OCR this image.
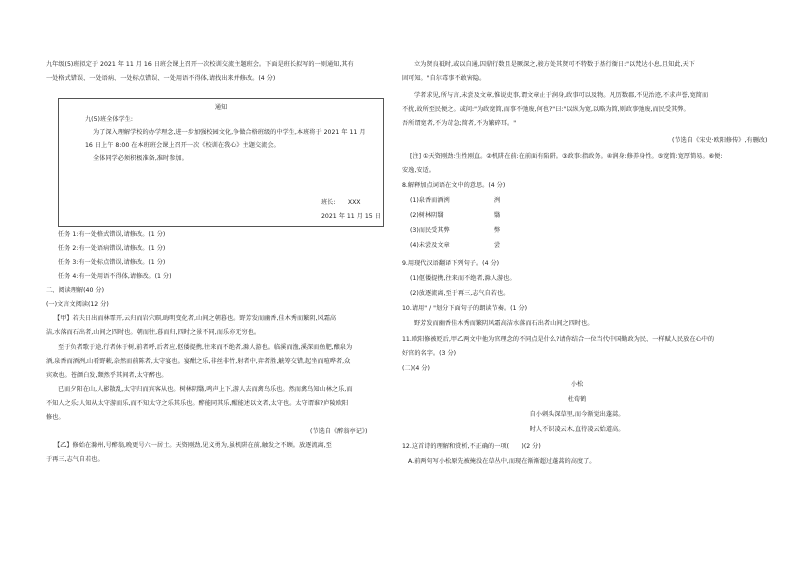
九年级(5)班拟定于 2021 年 11 月 16 日班会课上召开一次校训交流主题班会。下面是班长拟写的一则通知,其有
一处格式错误、一处语病、一处标点错误、一处用语不得体,请找出来并修改。(4 分)
通知
九(5)班全体学生:
为了深入理解学校的办学理念,进一步加强校园文化,争做合格班级的中学生,本班将于 2021 年 11 月
16 日上午 8:00 在本班班会课上召开一次《校训在我心》主题交流会。
全体同学必须积极准备,准时参加。
班长:　　XXX
2021 年 11 月 15 日
任务 1:有一处格式错误,请修改。(1 分)
任务 2:有一处语病错误,请修改。(1 分)
任务 3:有一处标点错误,请修改。(1 分)
任务 4:有一处用语不得体,请修改。(1 分)
二、阅读理解(40 分)
(一)文言文阅读(12 分)
【甲】若夫日出而林霏开,云归而岩穴暝,晦明变化者,山间之朝暮也。野芳发而幽香,佳木秀而繁阴,风霜高
洁,水落而石出者,山间之四时也。朝而往,暮而归,四时之景不同,而乐亦无穷也。
至于负者歌于途,行者休于树,前者呼,后者应,伛偻提携,往来而不绝者,滁人游也。临溪而渔,溪深而鱼肥,酿泉为
酒,泉香而酒洌,山肴野蔌,杂然而前陈者,太守宴也。宴酣之乐,非丝非竹,射者中,弈者胜,觥筹交错,起坐而喧哗者,众
宾欢也。苍颜白发,颓然乎其间者,太守醉也。
已而夕阳在山,人影散乱,太守归而宾客从也。树林阴翳,鸣声上下,游人去而禽鸟乐也。然而禽鸟知山林之乐,而
不知人之乐;人知从太守游而乐,而不知太守之乐其乐也。醉能同其乐,醒能述以文者,太守也。太守谓谁?庐陵欧阳
修也。
(节选自《醉翁亭记》)
【乙】修始在滁州,号醉翁,晚更号六一居士。天资刚劲,见义勇为,虽机阱在前,触发之不顾。放逐流离,至
于再三,志气自若也。
立为贤良祗时,或以自通,囚鼎行数且是厥深之,骏方处其贤可不特数于基行衙日:"以梵达小息,且知此,天下
固可知。"自尔毒事不敢害隐。
学者求见,所与言,未尝及文章,惟说吏事,谓文章止于润身,政事可以及物。凡历数郡,不见治迹,不求声誉,宽简而
不扰,故所至民便之。或问:"为政宽简,而事不弛废,何也?"曰:"以纵为宽,以略为简,则政事弛废,而民受其弊。
吾所谓宽者,不为苛急;简者,不为繁碎耳。"
(节选自《宋史·欧阳修传》,有删改)
[注] ①天资刚劲:生性刚直。②机阱在前:在前面有陷阱。③政事:指政务。④润身:修养身性。⑤宽简:宽厚简易。⑥便:
安逸,安适。
8.解释加点词语在文中的意思。(4 分)
(1)泉香而酒洌	洌
(2)树林阴翳	翳
(3)而民受其弊	弊
(4)未尝及文章	尝
9.用现代汉语翻译下列句子。(4 分)
(1)伛偻提携,往来而不绝者,滁人游也。
(2)放逐流离,至于再三,志气自若也。
10.请用" / "划分下面句子的朗读节奏。(1 分)
野芳发而幽香佳木秀而繁阴风霜高洁水落而石出者山间之四时也。
11.欧阳修被贬后,甲乙两文中他为官理念的不同点是什么?请你结合一位当代中国勤政为民、一样赋人民放在心中的
好官的名字。(3 分)
(二)(4 分)
小松
杜荀鹤
自小刺头深草里,而今渐觉出蓬蒿。
时人不识凌云木,直待凌云始道高。
12.这首诗的理解和赏析,不正确的一项(　　)(2 分)
A.前两句写小松原先被掩没在草丛中,而现在渐渐超过蓬蒿的高度了。
